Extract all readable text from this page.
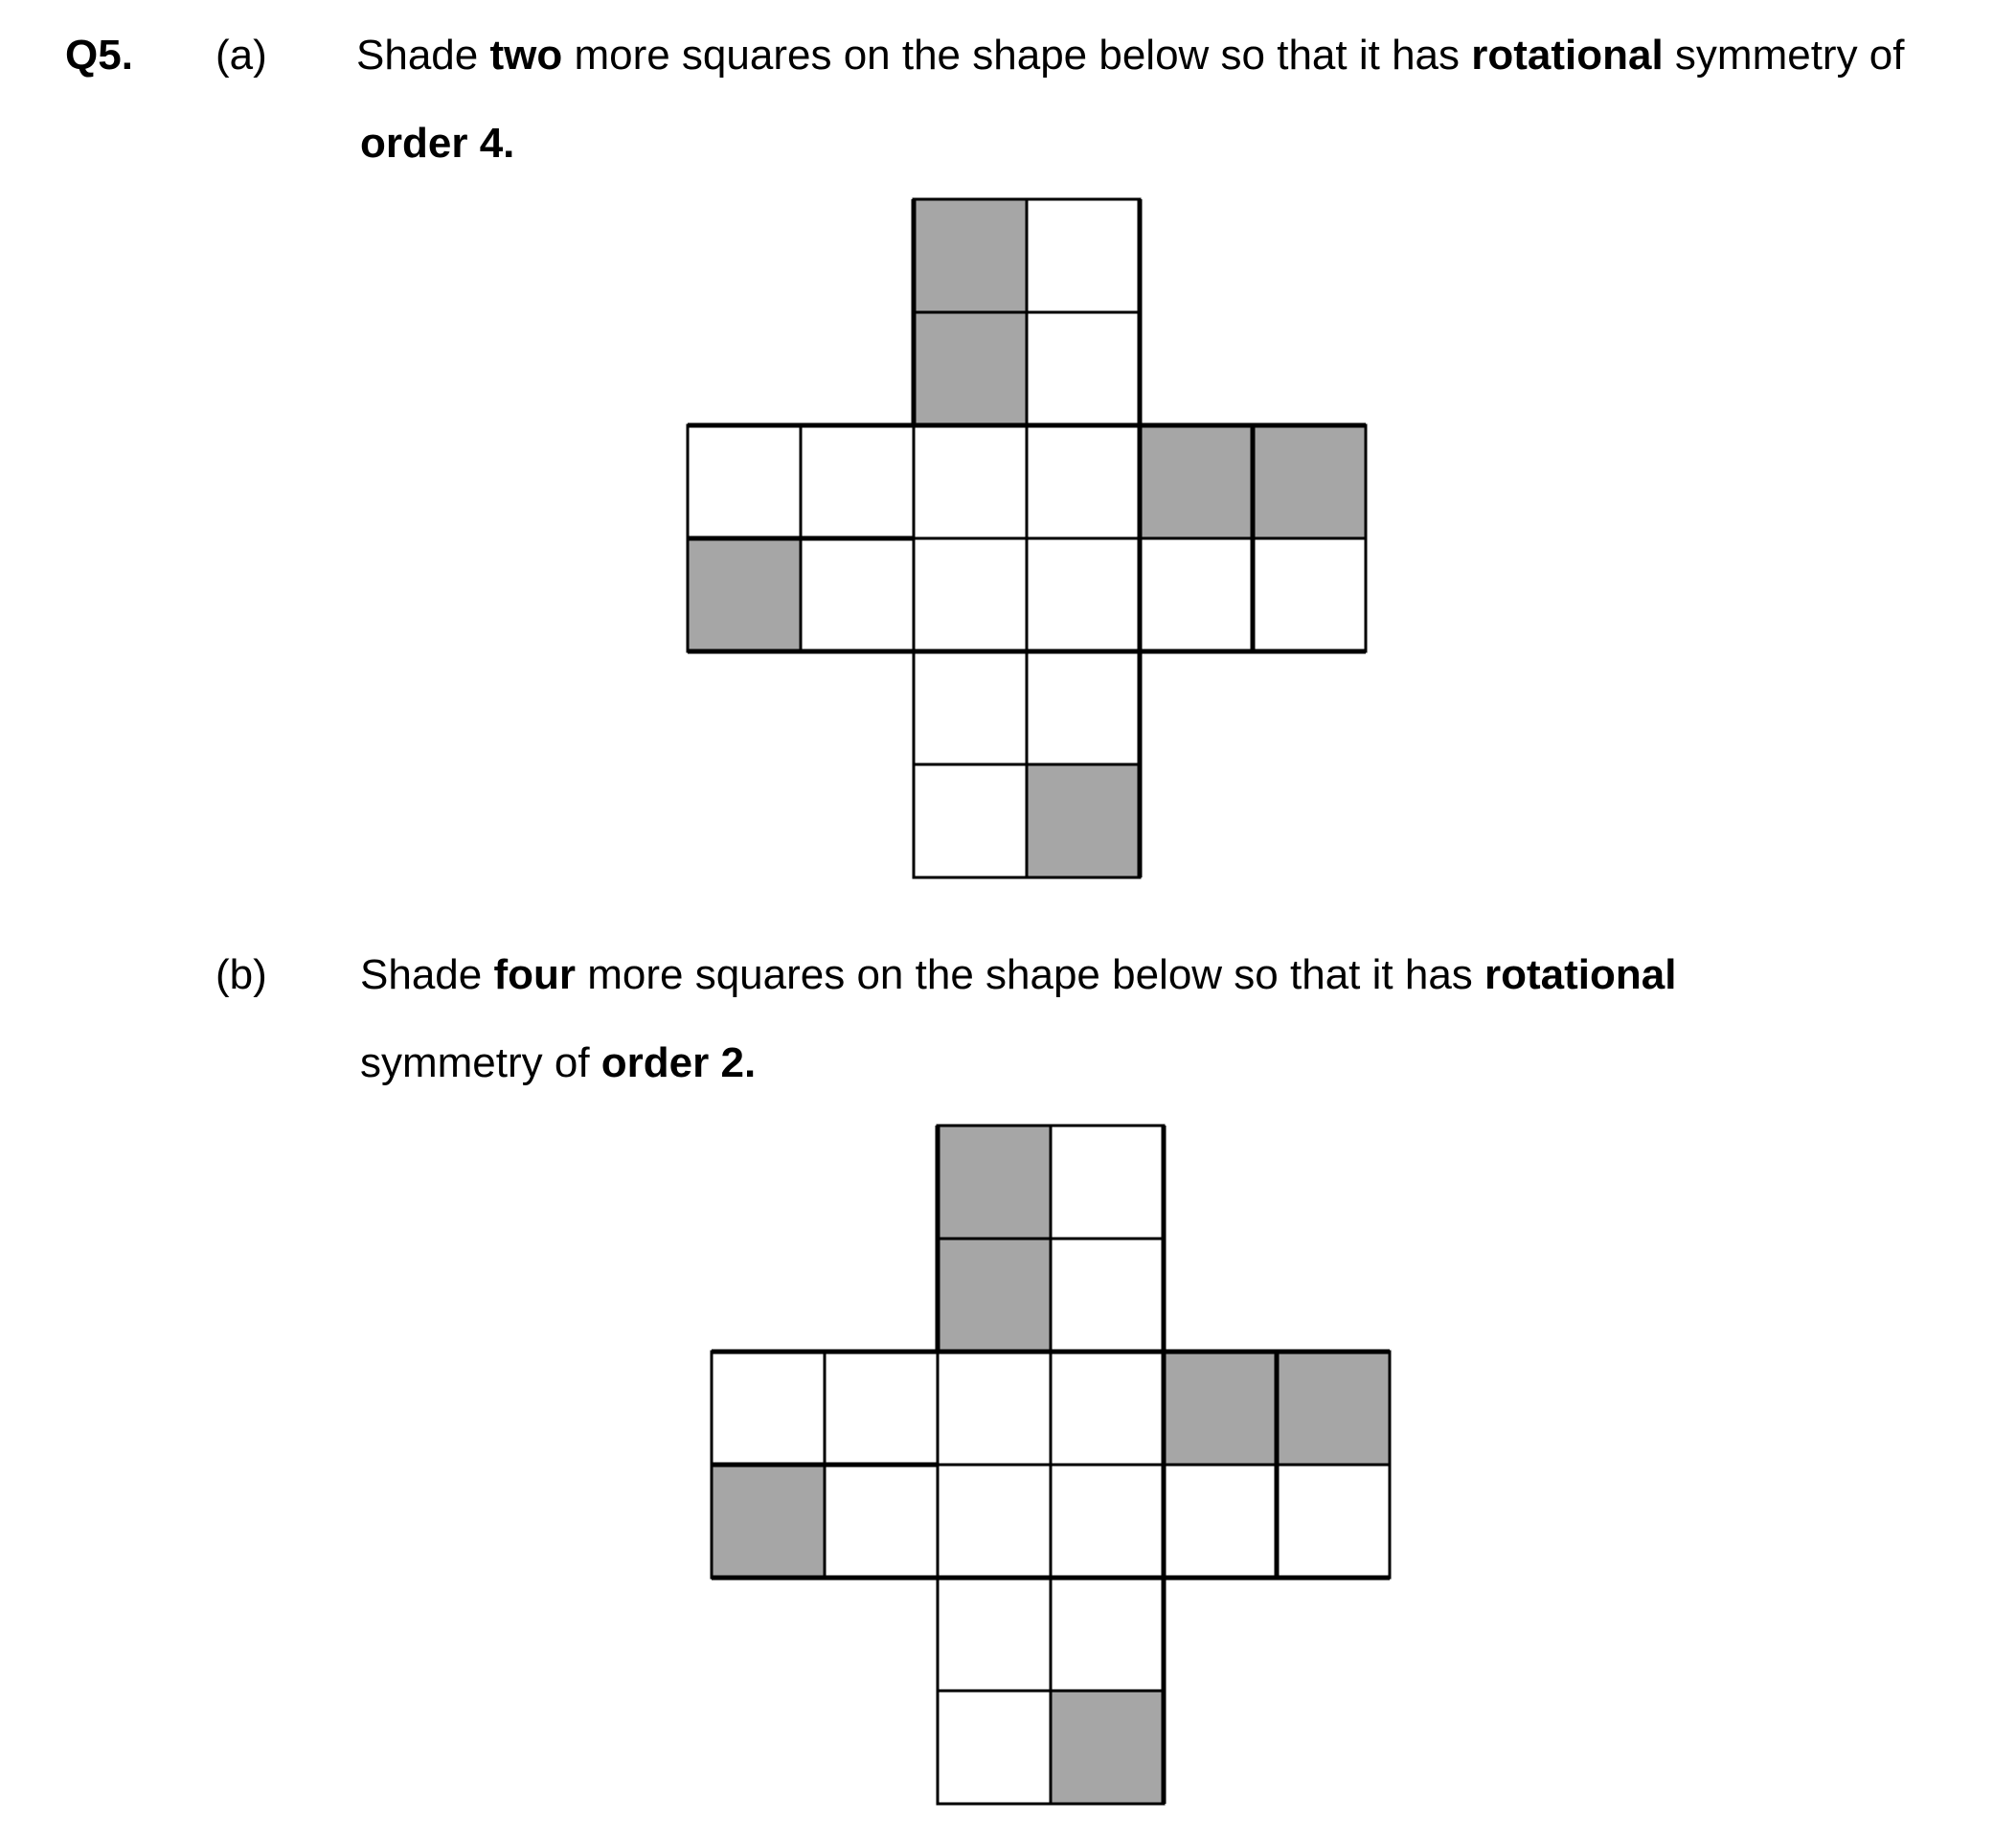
Q5. (a) Shade two more squares on the shape below so that it has rotational symmetry of
order 4.
(b) Shade four more squares on the shape below so that it has rotational
symmetry of order 2.
